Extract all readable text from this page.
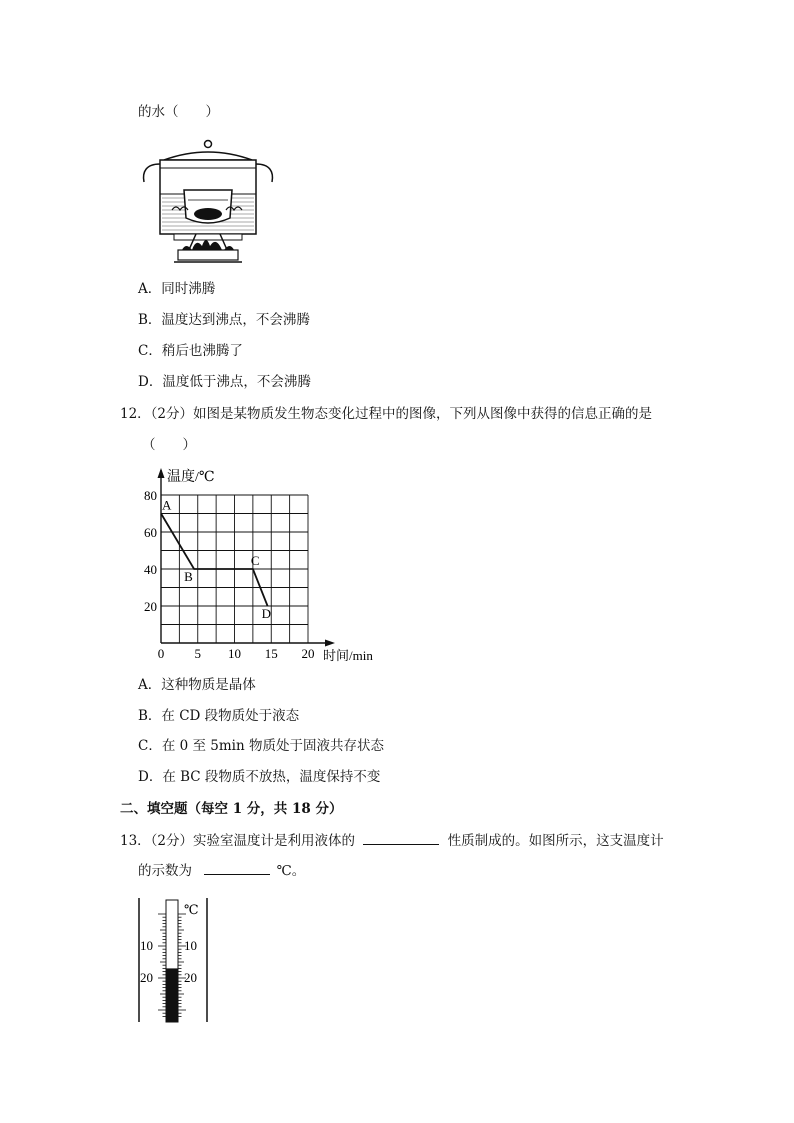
的水（　　）
A．同时沸腾
B．温度达到沸点，不会沸腾
C．稍后也沸腾了
D．温度低于沸点，不会沸腾
12．（2分）如图是某物质发生物态变化过程中的图像，下列从图像中获得的信息正确的是
（　　）
温度/℃
时间/min
0 5 10 15 20
20
40
60
80
A
B
C
D
A．这种物质是晶体
B．在 CD 段物质处于液态
C．在 0 至 5min 物质处于固液共存状态
D．在 BC 段物质不放热，温度保持不变
二、填空题（每空 1 分，共 18 分）
13．（2分）实验室温度计是利用液体的	性质制成的。如图所示，这支温度计
的示数为	℃。
℃
10
20
10
20
